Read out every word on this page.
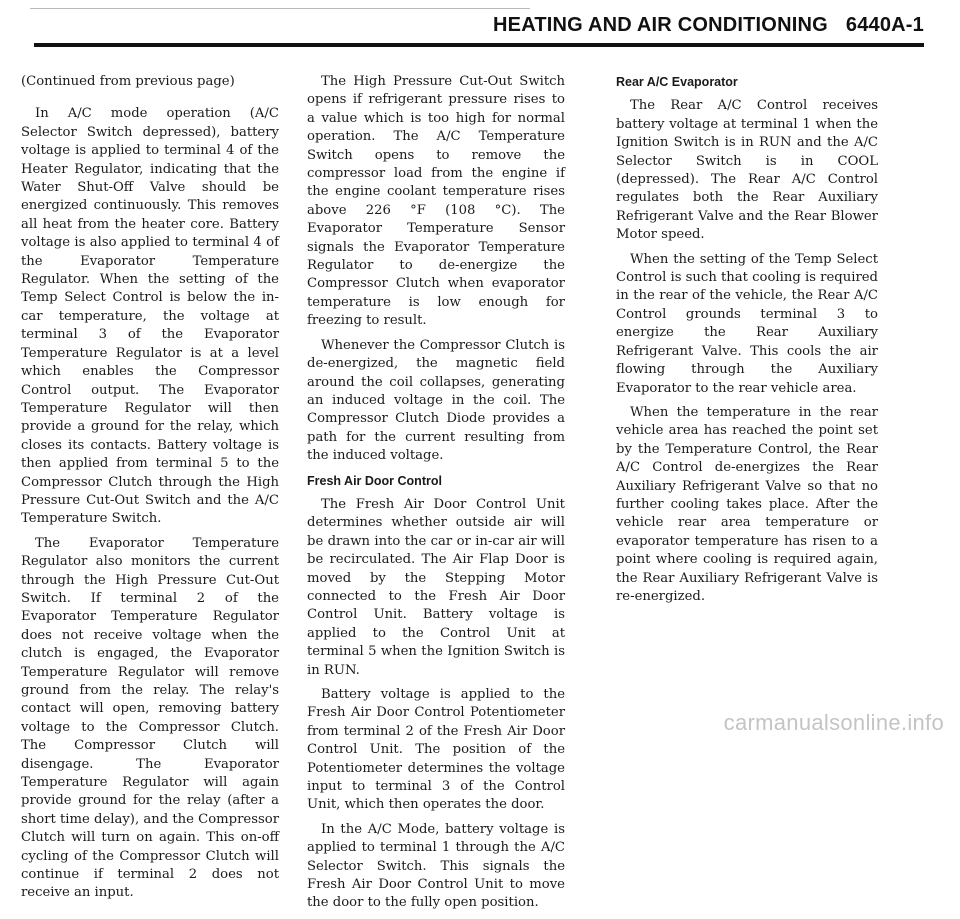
HEATING AND AIR CONDITIONING 6440A-1

(Continued from previous page)

In A/C mode operation (A/C Selector Switch depressed), battery voltage is applied to terminal 4 of the Heater Regulator, indicating that the Water Shut-Off Valve should be energized continuously. This removes all heat from the heater core. Battery voltage is also applied to terminal 4 of the Evaporator Temperature Regulator. When the setting of the Temp Select Control is below the in-car temperature, the voltage at terminal 3 of the Evaporator Temperature Regulator is at a level which enables the Compressor Control output. The Evaporator Temperature Regulator will then provide a ground for the relay, which closes its contacts. Battery voltage is then applied from terminal 5 to the Compressor Clutch through the High Pressure Cut-Out Switch and the A/C Temperature Switch.

The Evaporator Temperature Regulator also monitors the current through the High Pressure Cut-Out Switch. If terminal 2 of the Evaporator Temperature Regulator does not receive voltage when the clutch is engaged, the Evaporator Temperature Regulator will remove ground from the relay. The relay's contact will open, removing battery voltage to the Compressor Clutch. The Compressor Clutch will disengage. The Evaporator Temperature Regulator will again provide ground for the relay (after a short time delay), and the Compressor Clutch will turn on again. This on-off cycling of the Compressor Clutch will continue if terminal 2 does not receive an input.

The High Pressure Cut-Out Switch opens if refrigerant pressure rises to a value which is too high for normal operation. The A/C Temperature Switch opens to remove the compressor load from the engine if the engine coolant temperature rises above 226 °F (108 °C). The Evaporator Temperature Sensor signals the Evaporator Temperature Regulator to de-energize the Compressor Clutch when evaporator temperature is low enough for freezing to result.

Whenever the Compressor Clutch is de-energized, the magnetic field around the coil collapses, generating an induced voltage in the coil. The Compressor Clutch Diode provides a path for the current resulting from the induced voltage.

Fresh Air Door Control

The Fresh Air Door Control Unit determines whether outside air will be drawn into the car or in-car air will be recirculated. The Air Flap Door is moved by the Stepping Motor connected to the Fresh Air Door Control Unit. Battery voltage is applied to the Control Unit at terminal 5 when the Ignition Switch is in RUN.

Battery voltage is applied to the Fresh Air Door Control Potentiometer from terminal 2 of the Fresh Air Door Control Unit. The position of the Potentiometer determines the voltage input to terminal 3 of the Control Unit, which then operates the door.

In the A/C Mode, battery voltage is applied to terminal 1 through the A/C Selector Switch. This signals the Fresh Air Door Control Unit to move the door to the fully open position.

Rear A/C Evaporator

The Rear A/C Control receives battery voltage at terminal 1 when the Ignition Switch is in RUN and the A/C Selector Switch is in COOL (depressed). The Rear A/C Control regulates both the Rear Auxiliary Refrigerant Valve and the Rear Blower Motor speed.

When the setting of the Temp Select Control is such that cooling is required in the rear of the vehicle, the Rear A/C Control grounds terminal 3 to energize the Rear Auxiliary Refrigerant Valve. This cools the air flowing through the Auxiliary Evaporator to the rear vehicle area.

When the temperature in the rear vehicle area has reached the point set by the Temperature Control, the Rear A/C Control de-energizes the Rear Auxiliary Refrigerant Valve so that no further cooling takes place. After the vehicle rear area temperature or evaporator temperature has risen to a point where cooling is required again, the Rear Auxiliary Refrigerant Valve is re-energized.

carmanualsonline.info
